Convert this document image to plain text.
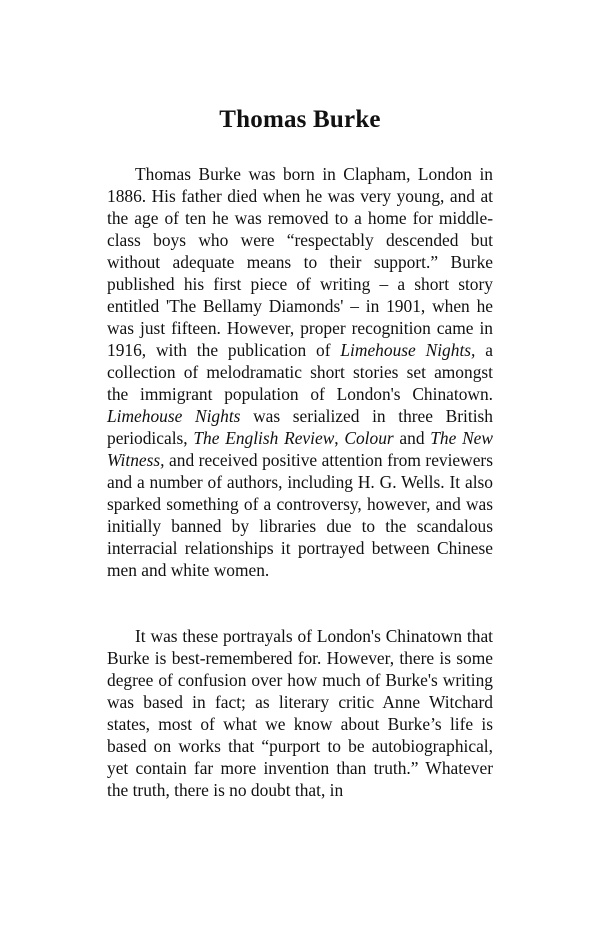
Thomas Burke

Thomas Burke was born in Clapham, London in 1886. His father died when he was very young, and at the age of ten he was removed to a home for middle-class boys who were “respectably descended but without adequate means to their support.” Burke published his first piece of writing – a short story entitled 'The Bellamy Diamonds' – in 1901, when he was just fifteen. However, proper recognition came in 1916, with the publication of Limehouse Nights, a collection of melodramatic short stories set amongst the immigrant population of London's Chinatown. Limehouse Nights was serialized in three British periodicals, The English Review, Colour and The New Witness, and received positive attention from reviewers and a number of authors, including H. G. Wells. It also sparked something of a controversy, however, and was initially banned by libraries due to the scandalous interracial relationships it portrayed between Chinese men and white women.

It was these portrayals of London's Chinatown that Burke is best-remembered for. However, there is some degree of confusion over how much of Burke's writing was based in fact; as literary critic Anne Witchard states, most of what we know about Burke’s life is based on works that “purport to be autobiographical, yet contain far more invention than truth.” Whatever the truth, there is no doubt that, in
